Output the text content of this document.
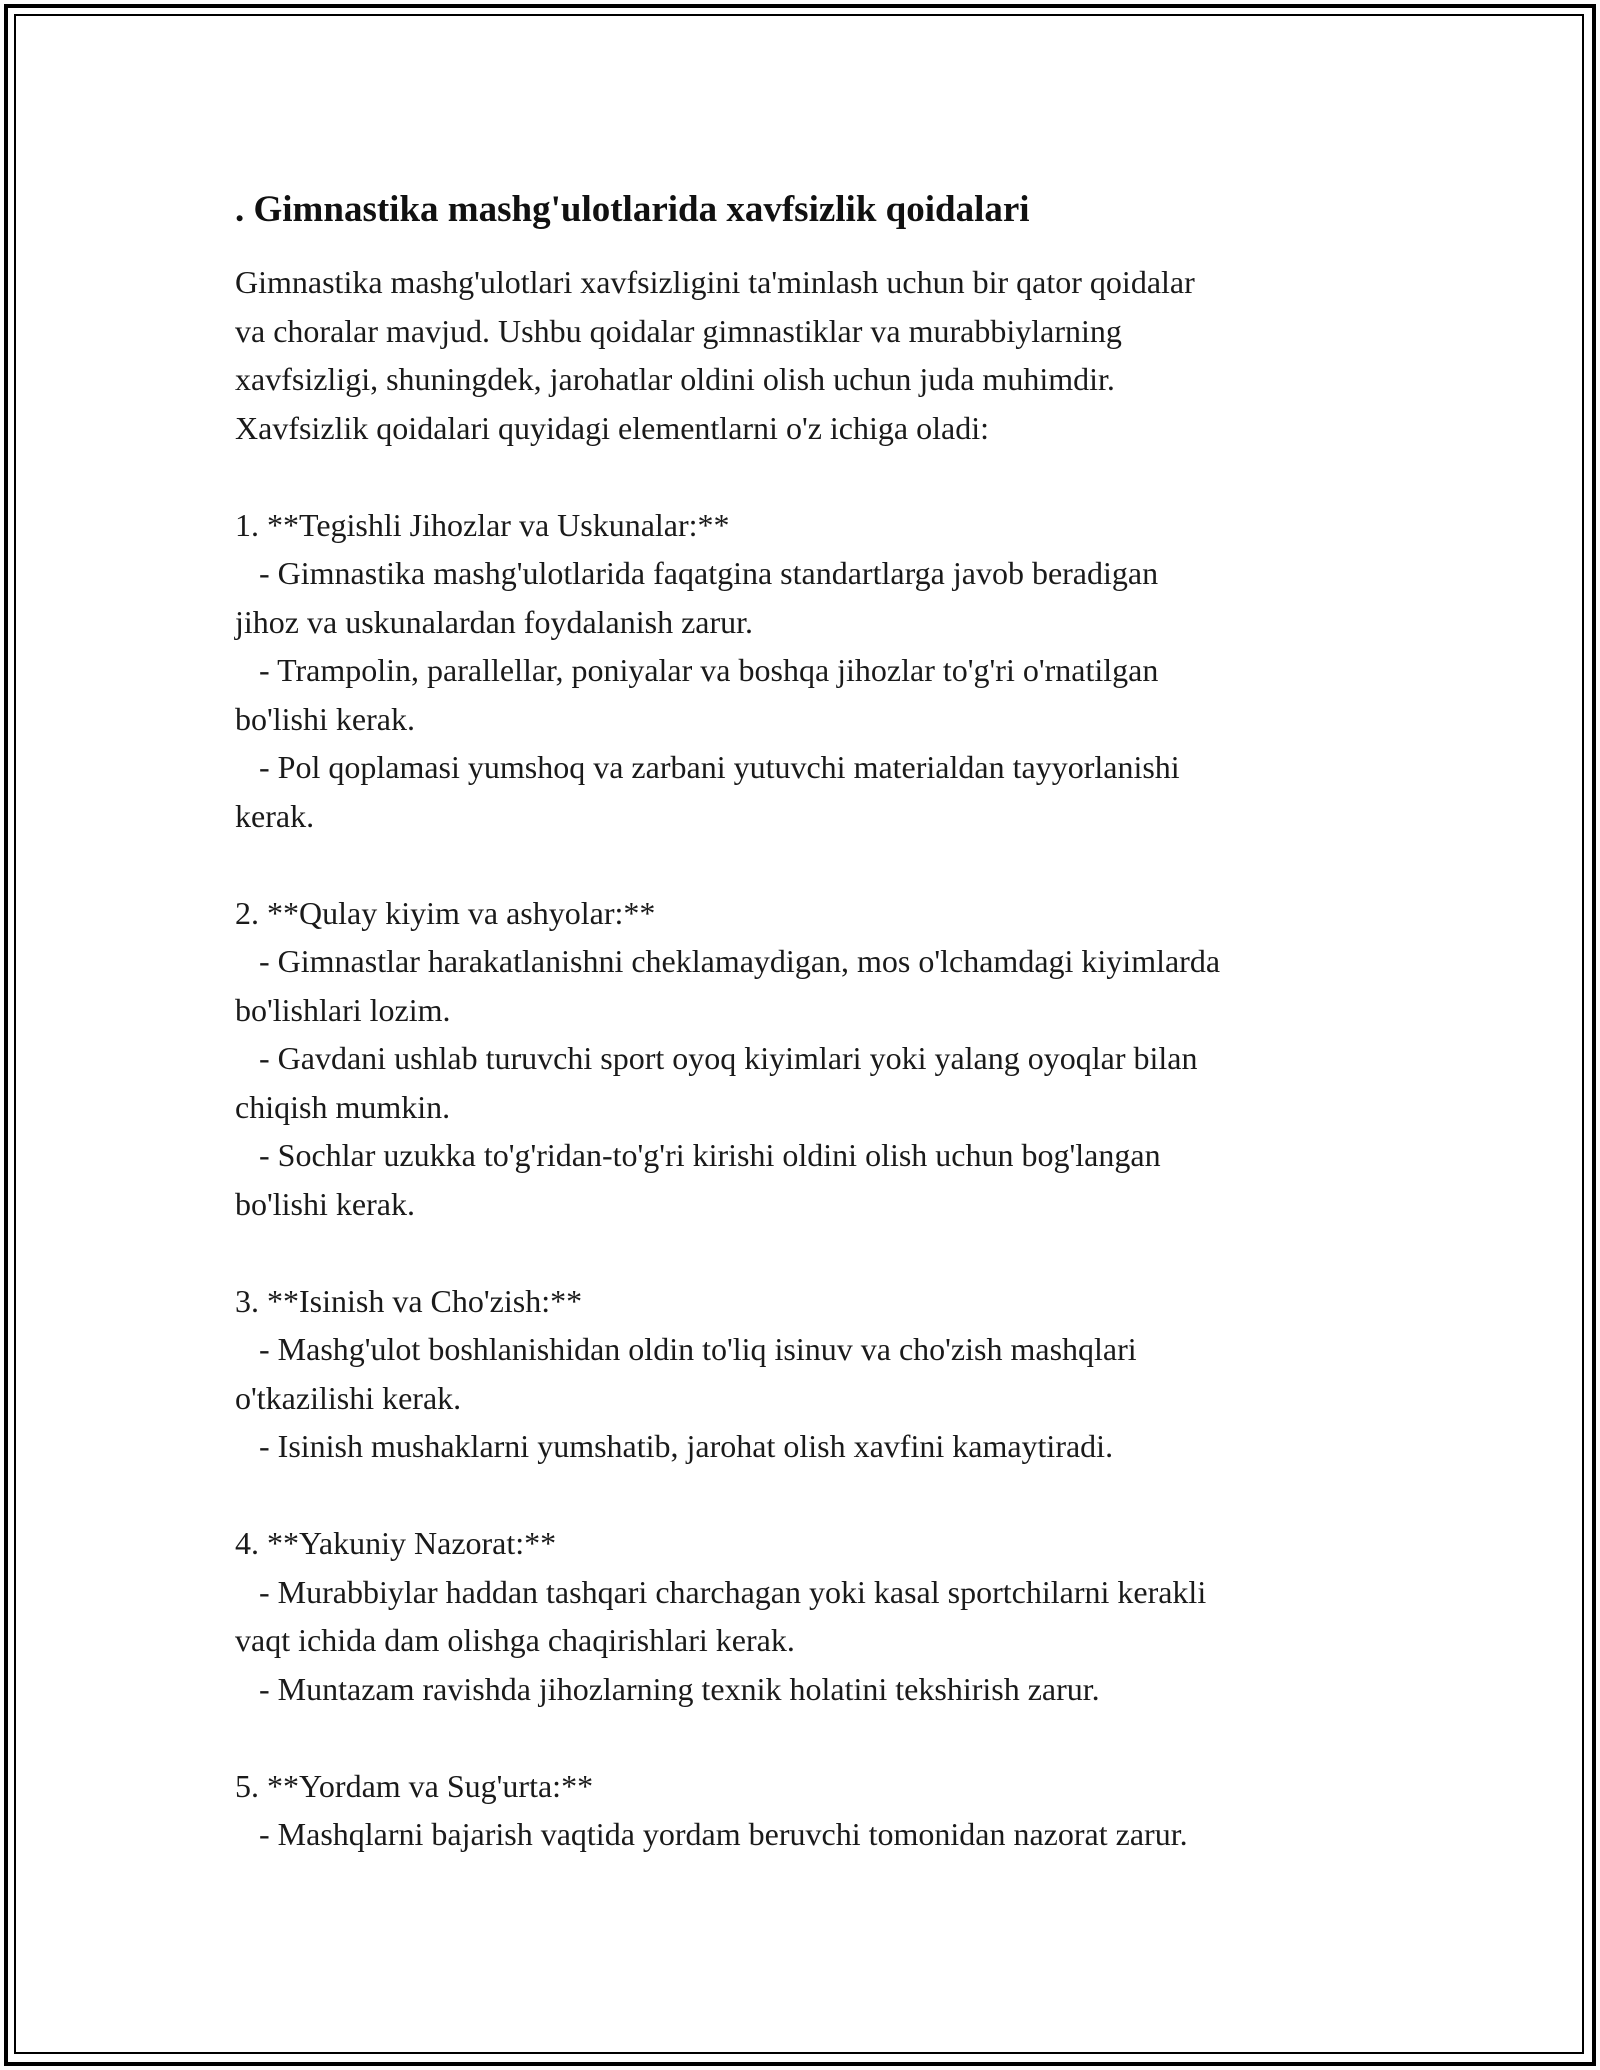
. Gimnastika mashg'ulotlarida xavfsizlik qoidalari

Gimnastika mashg'ulotlari xavfsizligini ta'minlash uchun bir qator qoidalar

va choralar mavjud. Ushbu qoidalar gimnastiklar va murabbiylarning

xavfsizligi, shuningdek, jarohatlar oldini olish uchun juda muhimdir.

Xavfsizlik qoidalari quyidagi elementlarni o'z ichiga oladi:

1. **Tegishli Jihozlar va Uskunalar:**

- Gimnastika mashg'ulotlarida faqatgina standartlarga javob beradigan

jihoz va uskunalardan foydalanish zarur.

- Trampolin, parallellar, poniyalar va boshqa jihozlar to'g'ri o'rnatilgan

bo'lishi kerak.

- Pol qoplamasi yumshoq va zarbani yutuvchi materialdan tayyorlanishi

kerak.

2. **Qulay kiyim va ashyolar:**

- Gimnastlar harakatlanishni cheklamaydigan, mos o'lchamdagi kiyimlarda

bo'lishlari lozim.

- Gavdani ushlab turuvchi sport oyoq kiyimlari yoki yalang oyoqlar bilan

chiqish mumkin.

- Sochlar uzukka to'g'ridan-to'g'ri kirishi oldini olish uchun bog'langan

bo'lishi kerak.

3. **Isinish va Cho'zish:**

- Mashg'ulot boshlanishidan oldin to'liq isinuv va cho'zish mashqlari

o'tkazilishi kerak.

- Isinish mushaklarni yumshatib, jarohat olish xavfini kamaytiradi.

4. **Yakuniy Nazorat:**

- Murabbiylar haddan tashqari charchagan yoki kasal sportchilarni kerakli

vaqt ichida dam olishga chaqirishlari kerak.

- Muntazam ravishda jihozlarning texnik holatini tekshirish zarur.

5. **Yordam va Sug'urta:**

- Mashqlarni bajarish vaqtida yordam beruvchi tomonidan nazorat zarur.
